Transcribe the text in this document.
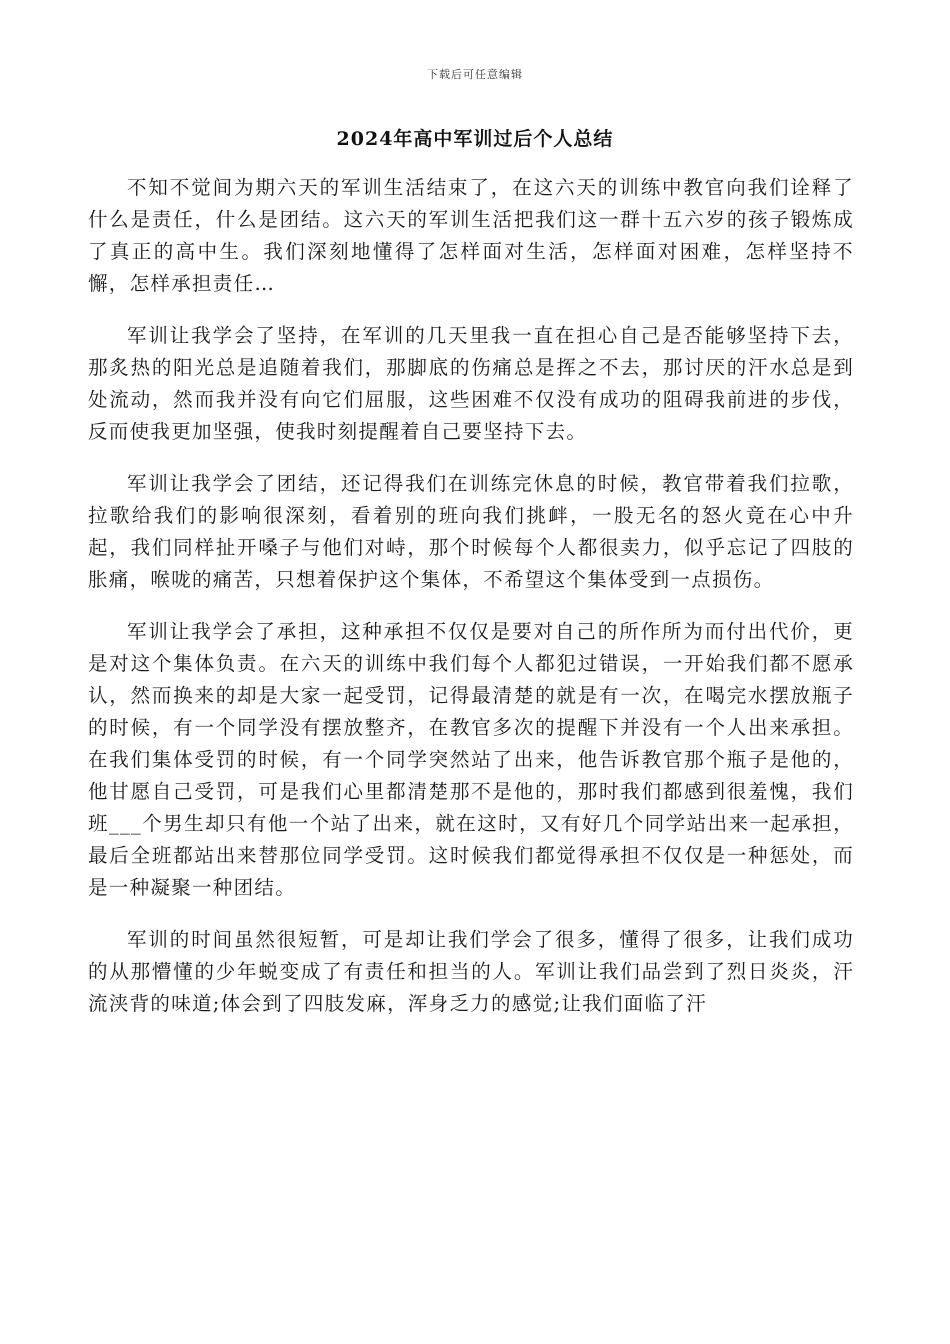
下载后可任意编辑
2024年高中军训过后个人总结

不知不觉间为期六天的军训生活结束了，在这六天的训练中教官向我们诠释了什么是责任，什么是团结。这六天的军训生活把我们这一群十五六岁的孩子锻炼成了真正的高中生。我们深刻地懂得了怎样面对生活，怎样面对困难，怎样坚持不懈，怎样承担责任…

军训让我学会了坚持，在军训的几天里我一直在担心自己是否能够坚持下去，那炙热的阳光总是追随着我们，那脚底的伤痛总是挥之不去，那讨厌的汗水总是到处流动，然而我并没有向它们屈服，这些困难不仅没有成功的阻碍我前进的步伐，反而使我更加坚强，使我时刻提醒着自己要坚持下去。

军训让我学会了团结，还记得我们在训练完休息的时候，教官带着我们拉歌，拉歌给我们的影响很深刻，看着别的班向我们挑衅，一股无名的怒火竟在心中升起，我们同样扯开嗓子与他们对峙，那个时候每个人都很卖力，似乎忘记了四肢的胀痛，喉咙的痛苦，只想着保护这个集体，不希望这个集体受到一点损伤。

军训让我学会了承担，这种承担不仅仅是要对自己的所作所为而付出代价，更是对这个集体负责。在六天的训练中我们每个人都犯过错误，一开始我们都不愿承认，然而换来的却是大家一起受罚，记得最清楚的就是有一次，在喝完水摆放瓶子的时候，有一个同学没有摆放整齐，在教官多次的提醒下并没有一个人出来承担。在我们集体受罚的时候，有一个同学突然站了出来，他告诉教官那个瓶子是他的，他甘愿自己受罚，可是我们心里都清楚那不是他的，那时我们都感到很羞愧，我们班___个男生却只有他一个站了出来，就在这时，又有好几个同学站出来一起承担，最后全班都站出来替那位同学受罚。这时候我们都觉得承担不仅仅是一种惩处，而是一种凝聚一种团结。

军训的时间虽然很短暂，可是却让我们学会了很多，懂得了很多，让我们成功的从那懵懂的少年蜕变成了有责任和担当的人。军训让我们品尝到了烈日炎炎，汗流浃背的味道;体会到了四肢发麻，浑身乏力的感觉;让我们面临了汗
